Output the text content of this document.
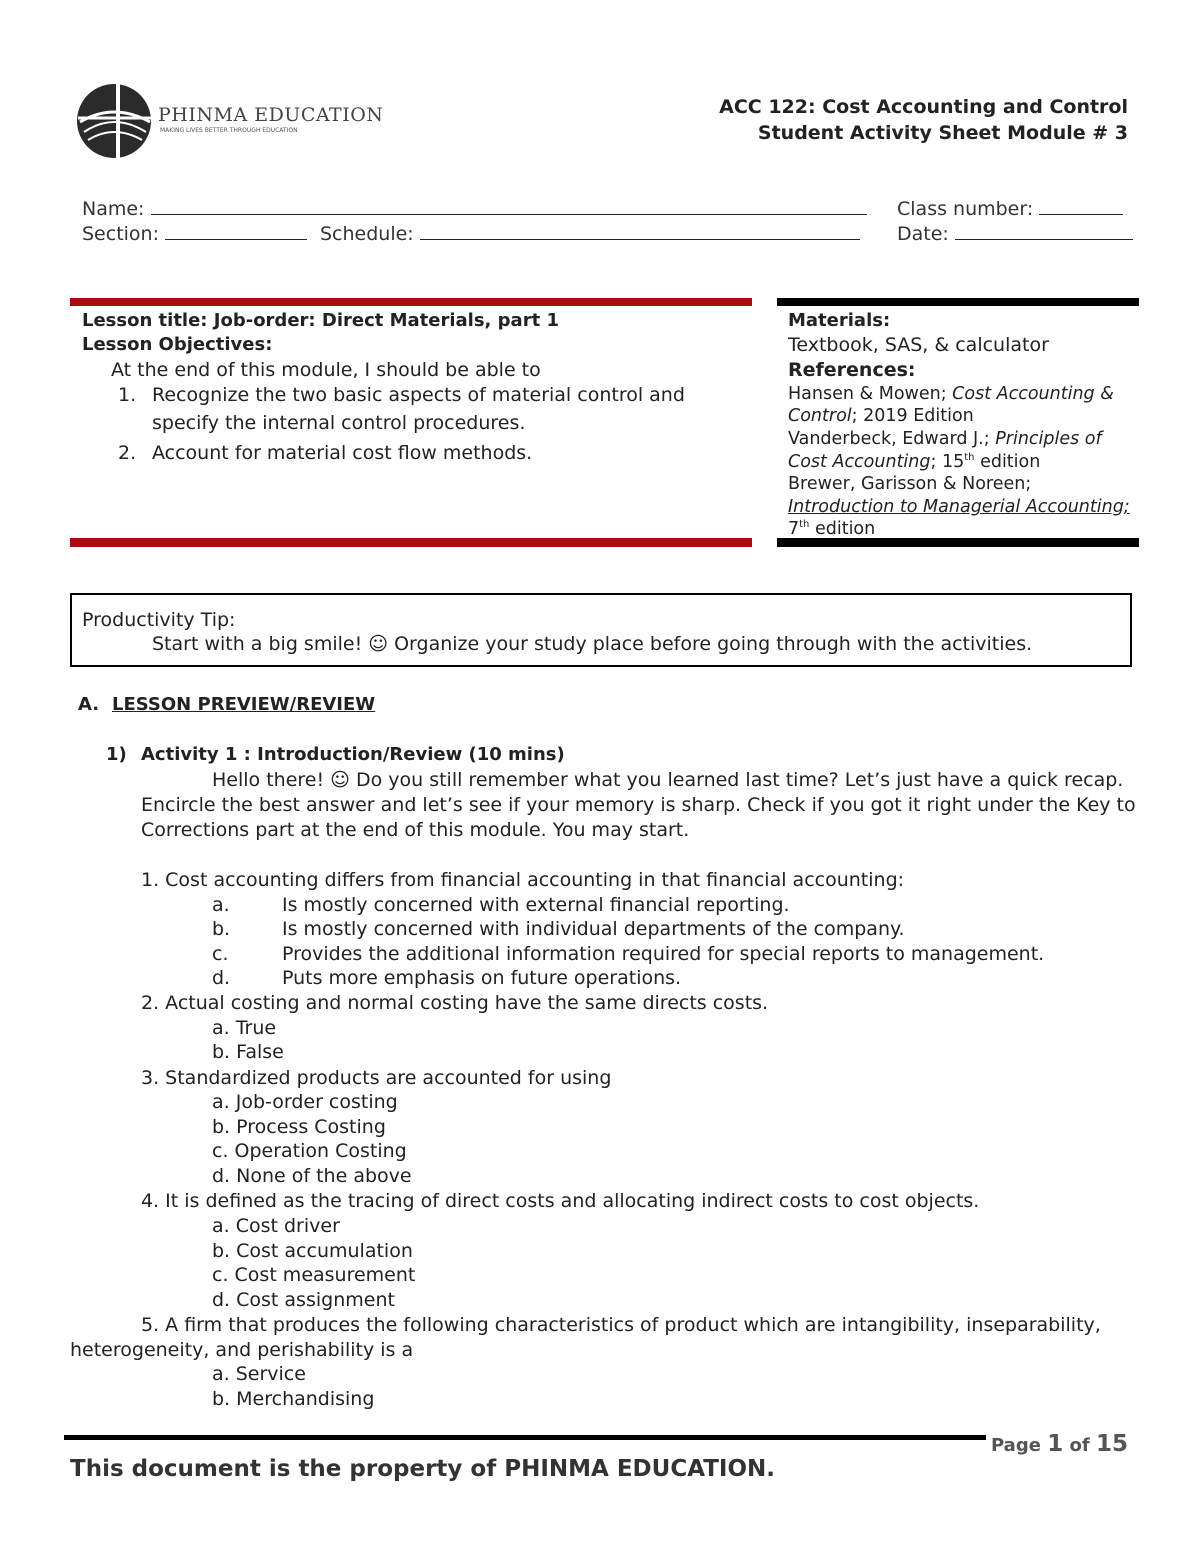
PHINMA EDUCATION
MAKING LIVES BETTER THROUGH EDUCATION
ACC 122: Cost Accounting and Control
Student Activity Sheet Module # 3
Name:	Class number:
Section:	Schedule:	Date:
Lesson title: Job-order: Direct Materials, part 1
Lesson Objectives:
At the end of this module, I should be able to
1. Recognize the two basic aspects of material control and
specify the internal control procedures.
2. Account for material cost flow methods.
Materials:
Textbook, SAS, & calculator
References:
Hansen & Mowen; Cost Accounting &
Control; 2019 Edition
Vanderbeck, Edward J.; Principles of
Cost Accounting; 15th edition
Brewer, Garisson & Noreen;
Introduction to Managerial Accounting;
7th edition
Productivity Tip:
Start with a big smile! ☺ Organize your study place before going through with the activities.
A. LESSON PREVIEW/REVIEW
1) Activity 1 : Introduction/Review (10 mins)
Hello there! ☺ Do you still remember what you learned last time? Let’s just have a quick recap.
Encircle the best answer and let’s see if your memory is sharp. Check if you got it right under the Key to
Corrections part at the end of this module. You may start.
1. Cost accounting differs from financial accounting in that financial accounting:
a.	Is mostly concerned with external financial reporting.
b.	Is mostly concerned with individual departments of the company.
c.	Provides the additional information required for special reports to management.
d.	Puts more emphasis on future operations.
2. Actual costing and normal costing have the same directs costs.
a. True
b. False
3. Standardized products are accounted for using
a. Job-order costing
b. Process Costing
c. Operation Costing
d. None of the above
4. It is defined as the tracing of direct costs and allocating indirect costs to cost objects.
a. Cost driver
b. Cost accumulation
c. Cost measurement
d. Cost assignment
5. A firm that produces the following characteristics of product which are intangibility, inseparability,
heterogeneity, and perishability is a
a. Service
b. Merchandising
Page 1 of 15
This document is the property of PHINMA EDUCATION.
